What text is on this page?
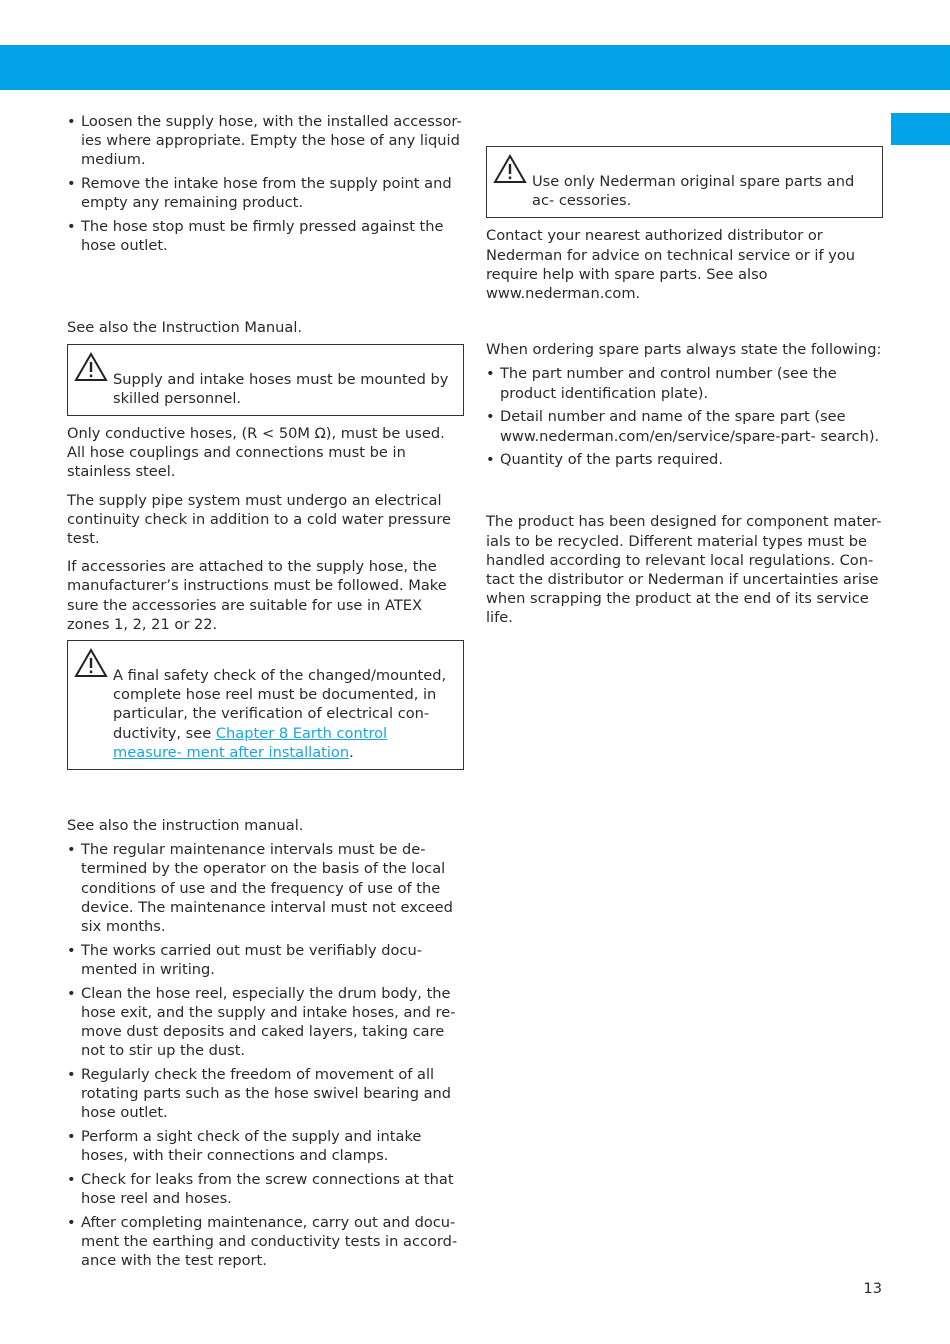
• Loosen the supply hose, with the installed accessor- ies where appropriate. Empty the hose of any liquid medium.
• Remove the intake hose from the supply point and empty any remaining product.
• The hose stop must be firmly pressed against the hose outlet.

See also the Instruction Manual.

Supply and intake hoses must be mounted by skilled personnel.

Only conductive hoses, (R < 50M Ω), must be used. All hose couplings and connections must be in stainless steel.

The supply pipe system must undergo an electrical continuity check in addition to a cold water pressure test.

If accessories are attached to the supply hose, the manufacturer’s instructions must be followed. Make sure the accessories are suitable for use in ATEX zones 1, 2, 21 or 22.

A final safety check of the changed/mounted, complete hose reel must be documented, in particular, the verification of electrical con- ductivity, see Chapter 8 Earth control measure- ment after installation.

See also the instruction manual.

• The regular maintenance intervals must be de- termined by the operator on the basis of the local conditions of use and the frequency of use of the device. The maintenance interval must not exceed six months.
• The works carried out must be verifiably docu- mented in writing.
• Clean the hose reel, especially the drum body, the hose exit, and the supply and intake hoses, and re- move dust deposits and caked layers, taking care not to stir up the dust.
• Regularly check the freedom of movement of all rotating parts such as the hose swivel bearing and hose outlet.
• Perform a sight check of the supply and intake hoses, with their connections and clamps.
• Check for leaks from the screw connections at that hose reel and hoses.
• After completing maintenance, carry out and docu- ment the earthing and conductivity tests in accord- ance with the test report.

Use only Nederman original spare parts and ac- cessories.

Contact your nearest authorized distributor or Nederman for advice on technical service or if you require help with spare parts. See also www.nederman.com.

When ordering spare parts always state the following:

• The part number and control number (see the product identification plate).
• Detail number and name of the spare part (see www.nederman.com/en/service/spare-part- search).
• Quantity of the parts required.

The product has been designed for component mater- ials to be recycled. Different material types must be handled according to relevant local regulations. Con- tact the distributor or Nederman if uncertainties arise when scrapping the product at the end of its service life.

13
